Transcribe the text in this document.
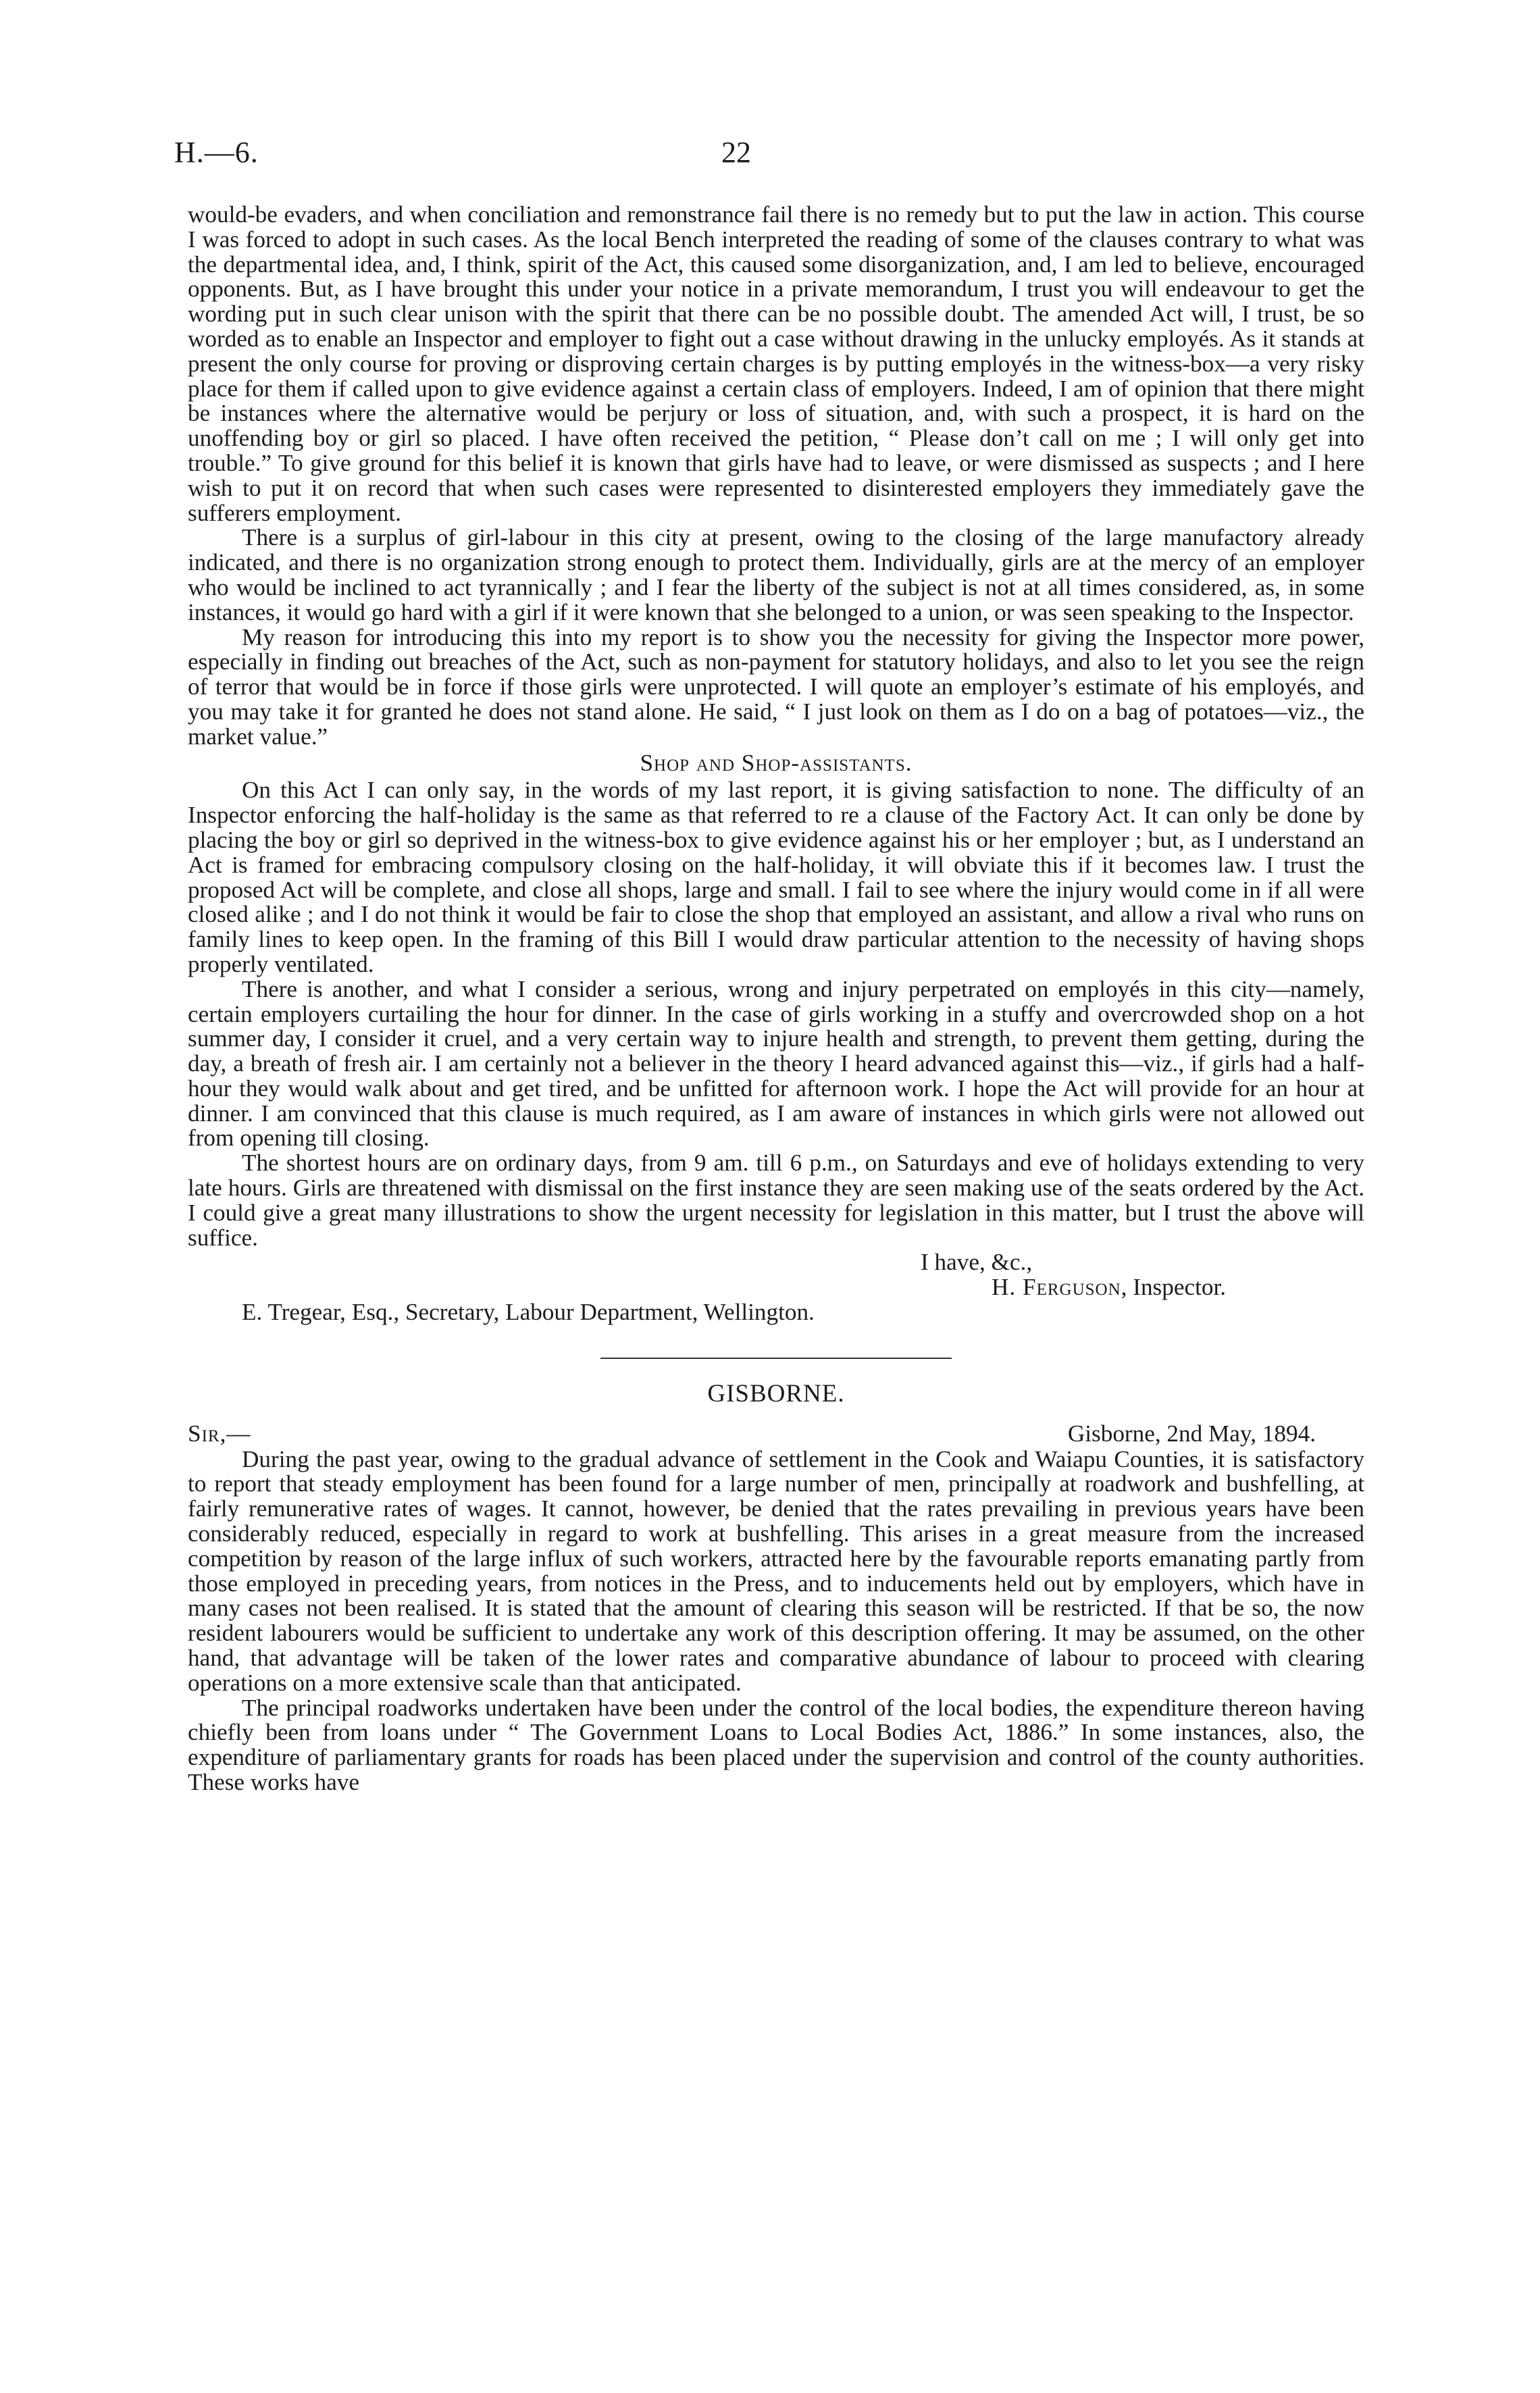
H.—6.	22

would-be evaders, and when conciliation and remonstrance fail there is no remedy but to put the law in action. This course I was forced to adopt in such cases. As the local Bench interpreted the reading of some of the clauses contrary to what was the departmental idea, and, I think, spirit of the Act, this caused some disorganization, and, I am led to believe, encouraged opponents. But, as I have brought this under your notice in a private memorandum, I trust you will endeavour to get the wording put in such clear unison with the spirit that there can be no possible doubt. The amended Act will, I trust, be so worded as to enable an Inspector and employer to fight out a case without drawing in the unlucky employés. As it stands at present the only course for proving or disproving certain charges is by putting employés in the witness-box—a very risky place for them if called upon to give evidence against a certain class of employers. Indeed, I am of opinion that there might be instances where the alternative would be perjury or loss of situation, and, with such a prospect, it is hard on the unoffending boy or girl so placed. I have often received the petition, “ Please don’t call on me ; I will only get into trouble.” To give ground for this belief it is known that girls have had to leave, or were dismissed as suspects ; and I here wish to put it on record that when such cases were represented to disinterested employers they immediately gave the sufferers employment.

There is a surplus of girl-labour in this city at present, owing to the closing of the large manufactory already indicated, and there is no organization strong enough to protect them. Individually, girls are at the mercy of an employer who would be inclined to act tyrannically ; and I fear the liberty of the subject is not at all times considered, as, in some instances, it would go hard with a girl if it were known that she belonged to a union, or was seen speaking to the Inspector.

My reason for introducing this into my report is to show you the necessity for giving the Inspector more power, especially in finding out breaches of the Act, such as non-payment for statutory holidays, and also to let you see the reign of terror that would be in force if those girls were unprotected. I will quote an employer’s estimate of his employés, and you may take it for granted he does not stand alone. He said, “ I just look on them as I do on a bag of potatoes—viz., the market value.”

Shop and Shop-assistants.

On this Act I can only say, in the words of my last report, it is giving satisfaction to none. The difficulty of an Inspector enforcing the half-holiday is the same as that referred to re a clause of the Factory Act. It can only be done by placing the boy or girl so deprived in the witness-box to give evidence against his or her employer ; but, as I understand an Act is framed for embracing compulsory closing on the half-holiday, it will obviate this if it becomes law. I trust the proposed Act will be complete, and close all shops, large and small. I fail to see where the injury would come in if all were closed alike ; and I do not think it would be fair to close the shop that employed an assistant, and allow a rival who runs on family lines to keep open. In the framing of this Bill I would draw particular attention to the necessity of having shops properly ventilated.

There is another, and what I consider a serious, wrong and injury perpetrated on employés in this city—namely, certain employers curtailing the hour for dinner. In the case of girls working in a stuffy and overcrowded shop on a hot summer day, I consider it cruel, and a very certain way to injure health and strength, to prevent them getting, during the day, a breath of fresh air. I am certainly not a believer in the theory I heard advanced against this—viz., if girls had a half-hour they would walk about and get tired, and be unfitted for afternoon work. I hope the Act will provide for an hour at dinner. I am convinced that this clause is much required, as I am aware of instances in which girls were not allowed out from opening till closing.

The shortest hours are on ordinary days, from 9 am. till 6 p.m., on Saturdays and eve of holidays extending to very late hours. Girls are threatened with dismissal on the first instance they are seen making use of the seats ordered by the Act. I could give a great many illustrations to show the urgent necessity for legislation in this matter, but I trust the above will suffice.

I have, &c.,

H. Ferguson, Inspector.

E. Tregear, Esq., Secretary, Labour Department, Wellington.

GISBORNE.

Sir,—	Gisborne, 2nd May, 1894.

During the past year, owing to the gradual advance of settlement in the Cook and Waiapu Counties, it is satisfactory to report that steady employment has been found for a large number of men, principally at roadwork and bushfelling, at fairly remunerative rates of wages. It cannot, however, be denied that the rates prevailing in previous years have been considerably reduced, especially in regard to work at bushfelling. This arises in a great measure from the increased competition by reason of the large influx of such workers, attracted here by the favourable reports emanating partly from those employed in preceding years, from notices in the Press, and to inducements held out by employers, which have in many cases not been realised. It is stated that the amount of clearing this season will be restricted. If that be so, the now resident labourers would be sufficient to undertake any work of this description offering. It may be assumed, on the other hand, that advantage will be taken of the lower rates and comparative abundance of labour to proceed with clearing operations on a more extensive scale than that anticipated.

The principal roadworks undertaken have been under the control of the local bodies, the expenditure thereon having chiefly been from loans under “ The Government Loans to Local Bodies Act, 1886.” In some instances, also, the expenditure of parliamentary grants for roads has been placed under the supervision and control of the county authorities. These works have
